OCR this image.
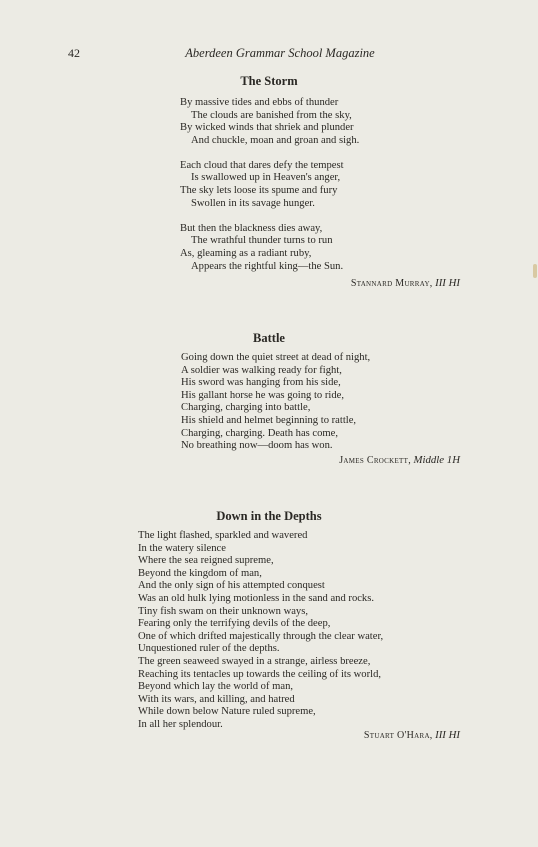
42	Aberdeen Grammar School Magazine
The Storm
By massive tides and ebbs of thunder
The clouds are banished from the sky,
By wicked winds that shriek and plunder
And chuckle, moan and groan and sigh.
Each cloud that dares defy the tempest
Is swallowed up in Heaven's anger,
The sky lets loose its spume and fury
Swollen in its savage hunger.
But then the blackness dies away,
The wrathful thunder turns to run
As, gleaming as a radiant ruby,
Appears the rightful king—the Sun.
Stannard Murray, III HI
Battle
Going down the quiet street at dead of night,
A soldier was walking ready for fight,
His sword was hanging from his side,
His gallant horse he was going to ride,
Charging, charging into battle,
His shield and helmet beginning to rattle,
Charging, charging. Death has come,
No breathing now—doom has won.
James Crockett, Middle 1H
Down in the Depths
The light flashed, sparkled and wavered
In the watery silence
Where the sea reigned supreme,
Beyond the kingdom of man,
And the only sign of his attempted conquest
Was an old hulk lying motionless in the sand and rocks.
Tiny fish swam on their unknown ways,
Fearing only the terrifying devils of the deep,
One of which drifted majestically through the clear water,
Unquestioned ruler of the depths.
The green seaweed swayed in a strange, airless breeze,
Reaching its tentacles up towards the ceiling of its world,
Beyond which lay the world of man,
With its wars, and killing, and hatred
While down below Nature ruled supreme,
In all her splendour.
Stuart O'Hara, III HI
